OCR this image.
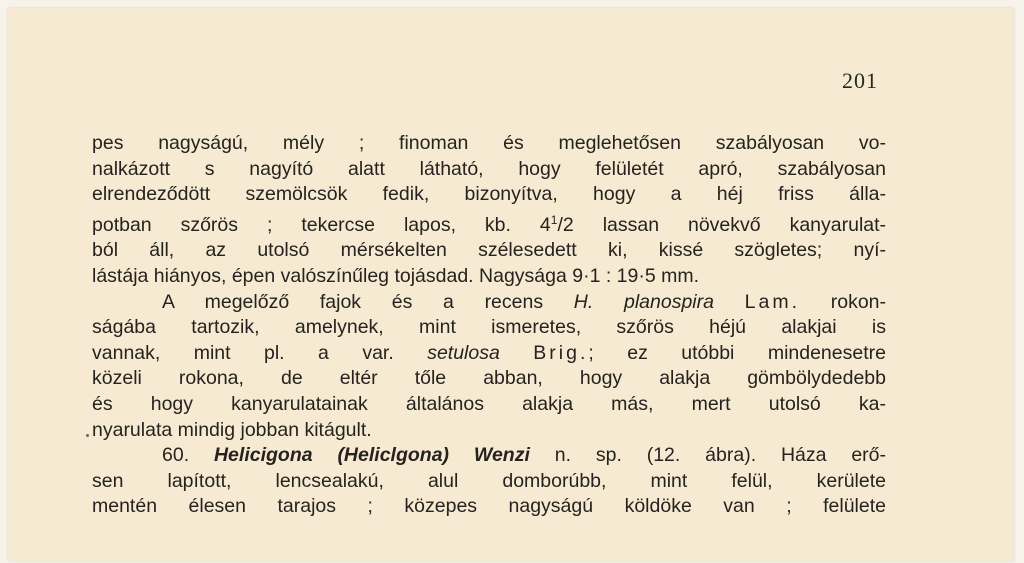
201
pes nagyságú, mély ; finoman és meglehetősen szabályosan vo-
nalkázott s nagyító alatt látható, hogy felületét apró, szabályosan
elrendeződött szemölcsök fedik, bizonyítva, hogy a héj friss álla-
potban szőrös ; tekercse lapos, kb. $4^1/2$ lassan növekvő kanyarulat-
ból áll, az utolsó mérsékelten szélesedett ki, kissé szögletes; nyí-
lástája hiányos, épen valószínűleg tojásdad. Nagysága 9·1 : 19·5 mm.
A megelőző fajok és a recens H. planospira Lam. rokon-
ságába tartozik, amelynek, mint ismeretes, szőrös héjú alakjai is
vannak, mint pl. a var. setulosa Brig.; ez utóbbi mindenesetre
közeli rokona, de eltér tőle abban, hogy alakja gömbölydedebb
és hogy kanyarulatainak általános alakja más, mert utolsó ka-
nyarulata mindig jobban kitágult.
60. Helicigona (Heliclgona) Wenzi n. sp. (12. ábra). Háza erő-
sen lapított, lencsealakú, alul domborúbb, mint felül, kerülete
mentén élesen tarajos ; közepes nagyságú köldöke van ; felülete
